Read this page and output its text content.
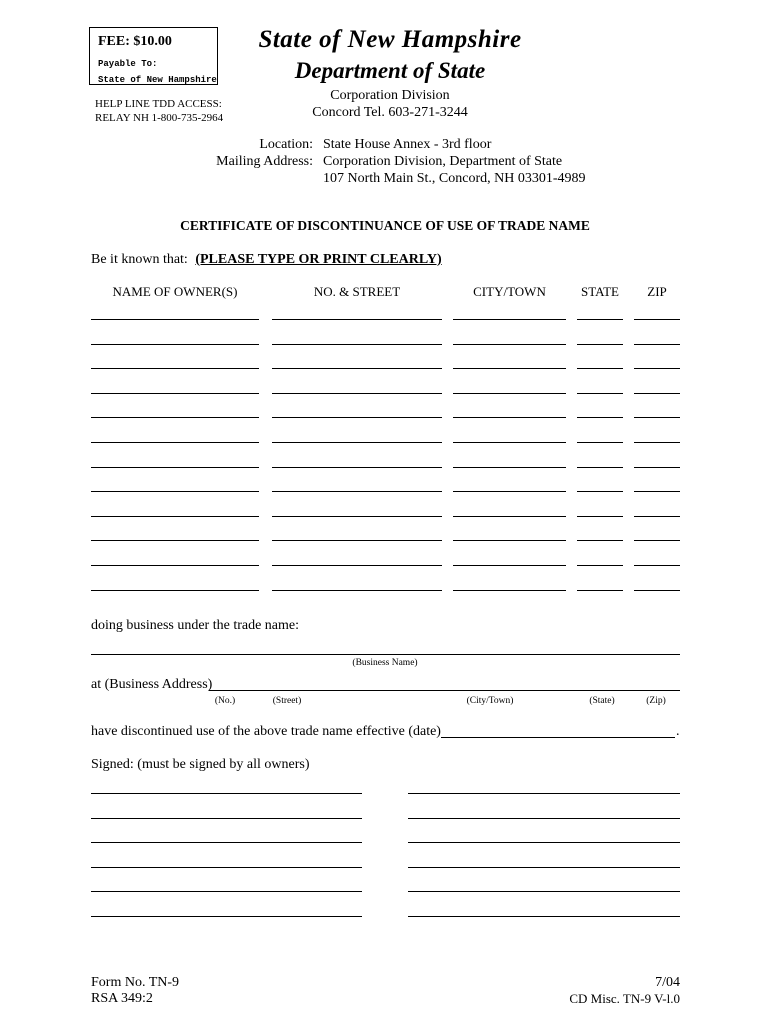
FEE: $10.00
Payable To:
State of New Hampshire
HELP LINE TDD ACCESS:
RELAY NH 1-800-735-2964
State of New Hampshire
Department of State
Corporation Division
Concord Tel. 603-271-3244
Location: State House Annex - 3rd floor
Mailing Address: Corporation Division, Department of State
107 North Main St., Concord, NH 03301-4989
CERTIFICATE OF DISCONTINUANCE OF USE OF TRADE NAME
Be it known that: (PLEASE TYPE OR PRINT CLEARLY)
NAME OF OWNER(S)	NO. & STREET	CITY/TOWN	STATE	ZIP
doing business under the trade name:
(Business Name)
at (Business Address)
(No.)	(Street)	(City/Town)	(State)	(Zip)
have discontinued use of the above trade name effective (date)	.
Signed: (must be signed by all owners)
Form No. TN-9
RSA 349:2
7/04
CD Misc. TN-9 V-l.0
